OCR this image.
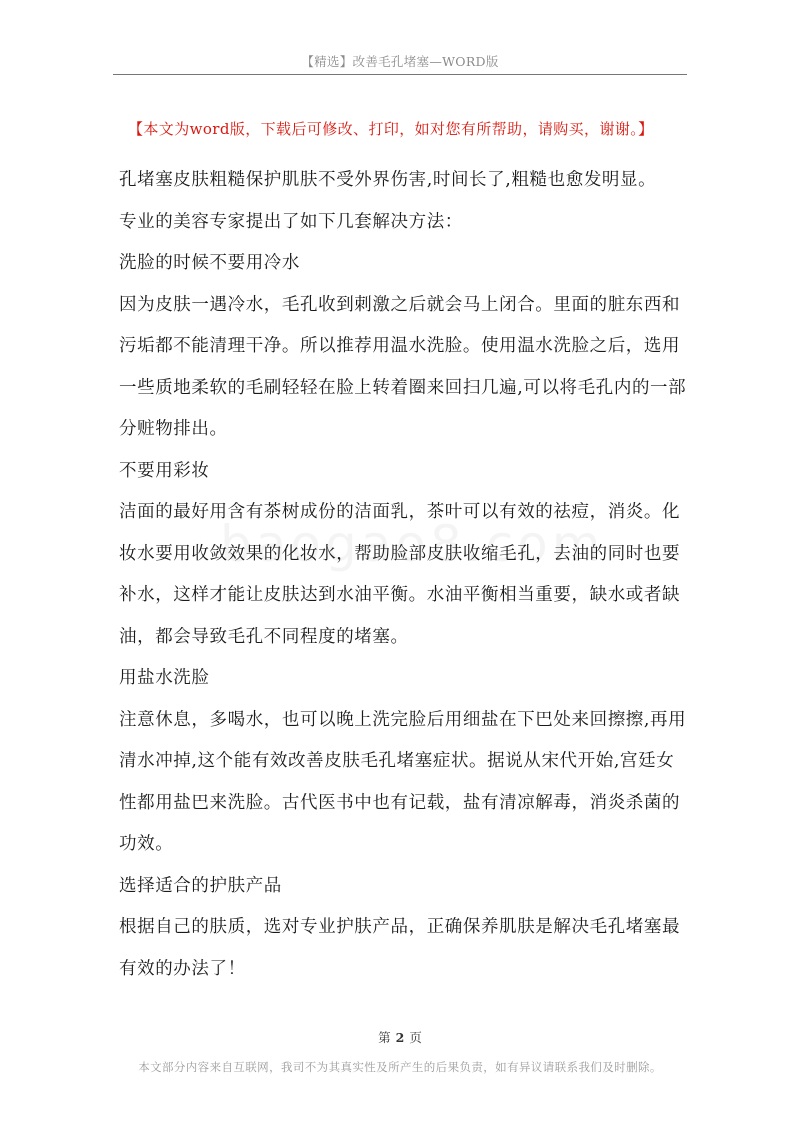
【精选】改善毛孔堵塞—WORD版
【本文为word版，下载后可修改、打印，如对您有所帮助，请购买，谢谢。】

孔堵塞皮肤粗糙保护肌肤不受外界伤害,时间长了,粗糙也愈发明显。

专业的美容专家提出了如下几套解决方法：

洗脸的时候不要用冷水

因为皮肤一遇冷水，毛孔收到刺激之后就会马上闭合。里面的脏东西和污垢都不能清理干净。所以推荐用温水洗脸。使用温水洗脸之后，选用一些质地柔软的毛刷轻轻在脸上转着圈来回扫几遍,可以将毛孔内的一部分赃物排出。

不要用彩妆

洁面的最好用含有茶树成份的洁面乳，茶叶可以有效的祛痘，消炎。化妆水要用收敛效果的化妆水，帮助脸部皮肤收缩毛孔，去油的同时也要补水，这样才能让皮肤达到水油平衡。水油平衡相当重要，缺水或者缺油，都会导致毛孔不同程度的堵塞。

用盐水洗脸

注意休息，多喝水，也可以晚上洗完脸后用细盐在下巴处来回擦擦,再用清水冲掉,这个能有效改善皮肤毛孔堵塞症状。据说从宋代开始,宫廷女性都用盐巴来洗脸。古代医书中也有记载，盐有清凉解毒，消炎杀菌的功效。

选择适合的护肤产品

根据自己的肤质，选对专业护肤产品，正确保养肌肤是解决毛孔堵塞最有效的办法了！

第 2 页
本文部分内容来自互联网，我司不为其真实性及所产生的后果负责，如有异议请联系我们及时删除。
